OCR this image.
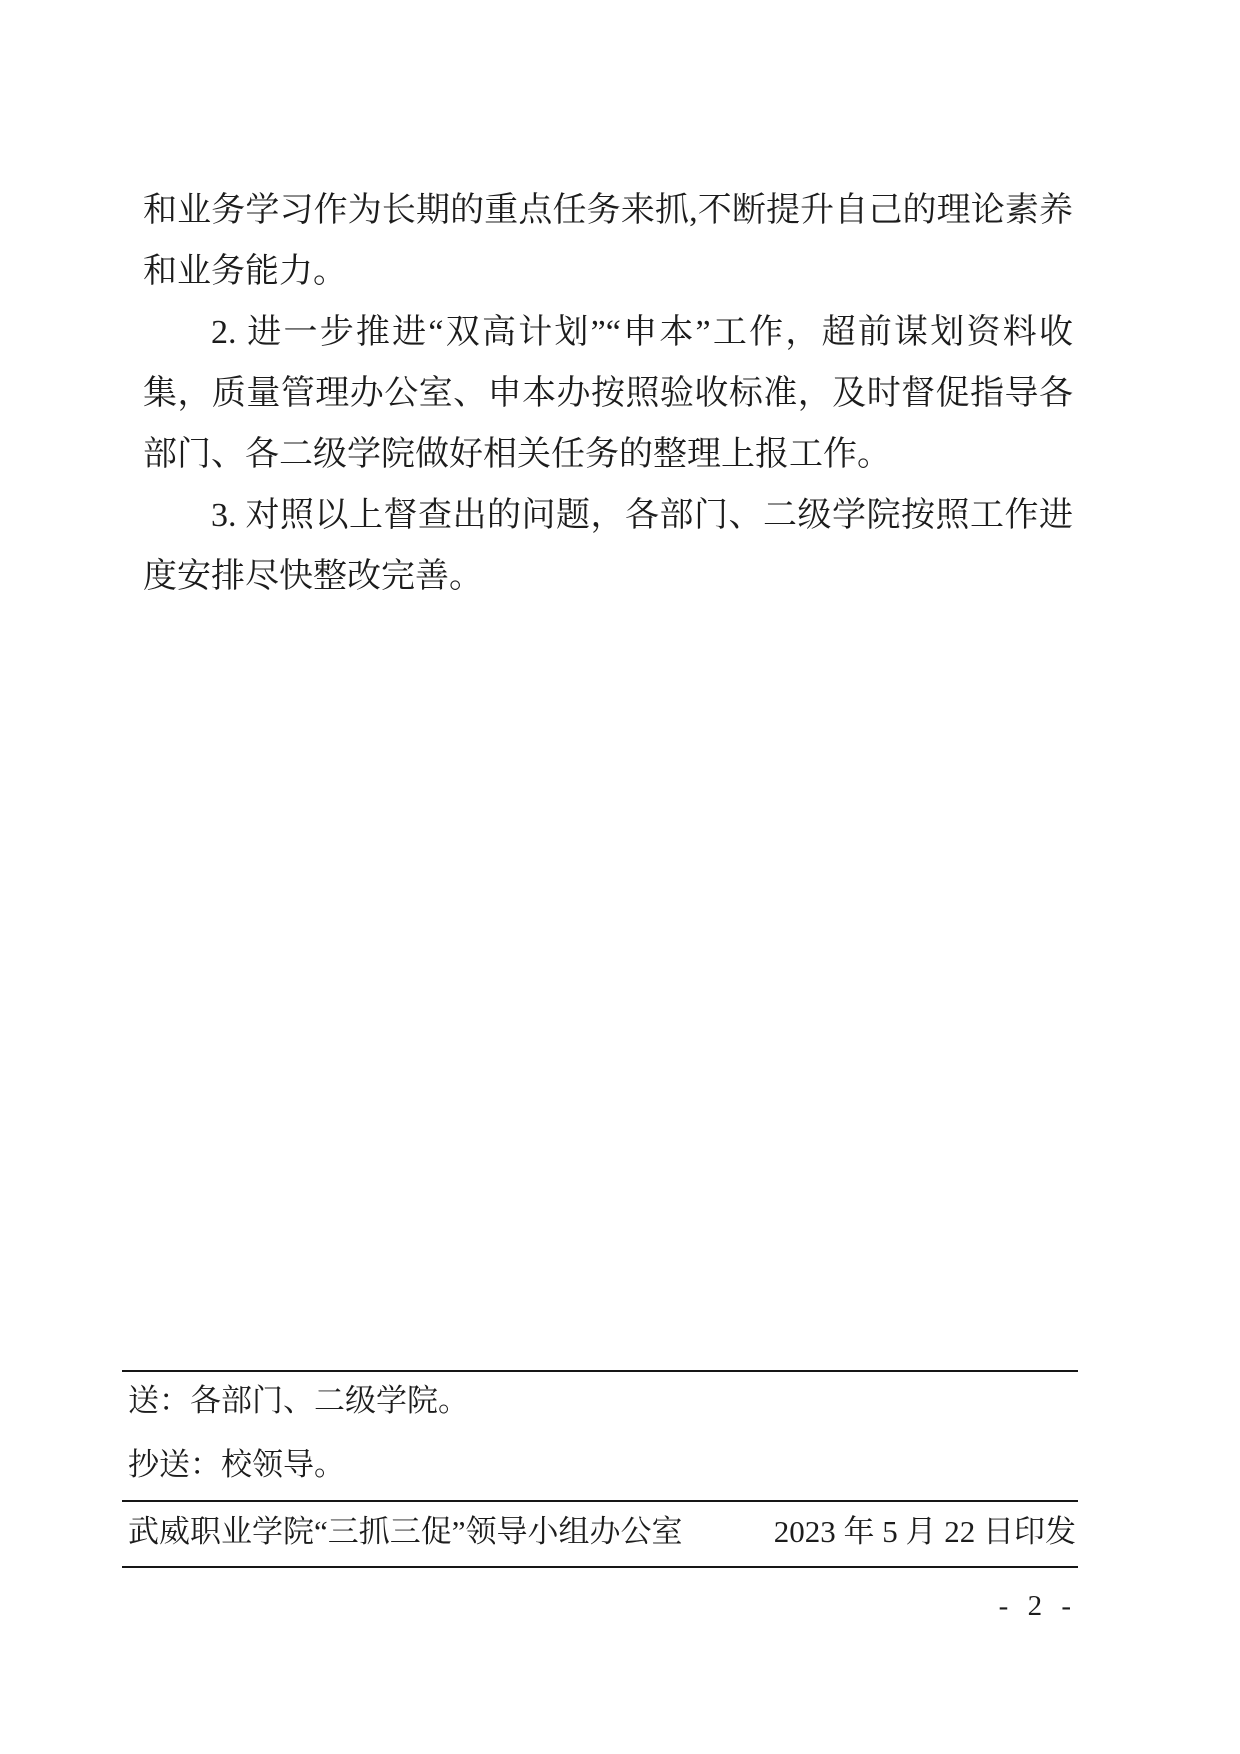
和业务学习作为长期的重点任务来抓,不断提升自己的理论素养和业务能力。

2. 进一步推进“双高计划”“申本”工作，超前谋划资料收集，质量管理办公室、申本办按照验收标准，及时督促指导各部门、各二级学院做好相关任务的整理上报工作。

3. 对照以上督查出的问题，各部门、二级学院按照工作进度安排尽快整改完善。

送：各部门、二级学院。
抄送：校领导。
武威职业学院“三抓三促”领导小组办公室	2023 年 5 月 22 日印发
- 2 -
